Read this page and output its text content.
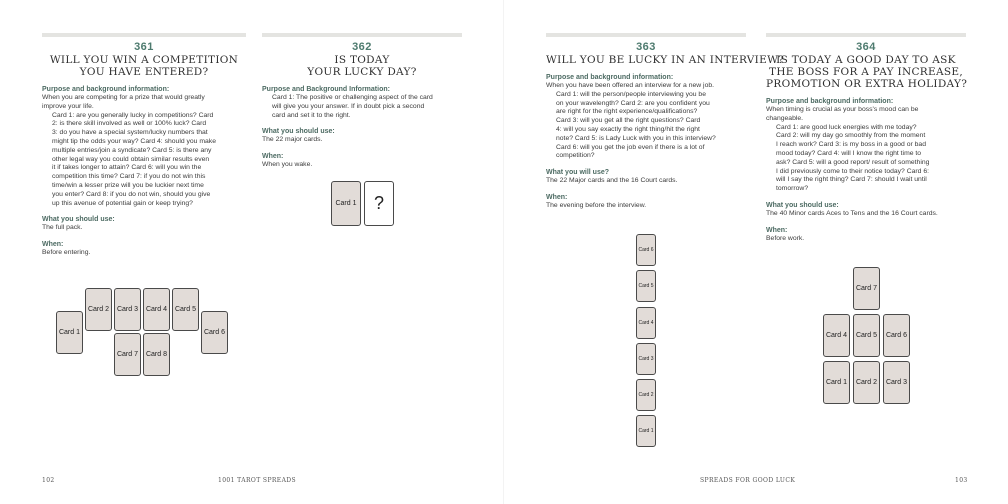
361
WILL YOU WIN A COMPETITION
YOU HAVE ENTERED?
Purpose and background information:
When you are competing for a prize that would greatly
improve your life.
Card 1: are you generally lucky in competitions? Card
2: is there skill involved as well or 100% luck? Card
3: do you have a special system/lucky numbers that
might tip the odds your way? Card 4: should you make
multiple entries/join a syndicate? Card 5: is there any
other legal way you could obtain similar results even
it if takes longer to attain? Card 6: will you win the
competition this time? Card 7: if you do not win this
time/win a lesser prize will you be luckier next time
you enter? Card 8: if you do not win, should you give
up this avenue of potential gain or keep trying?
What you should use:
The full pack.
When:
Before entering.
Card 1
Card 2	Card 3	Card 4	Card 5
Card 6
Card 7	Card 8
362
IS TODAY
YOUR LUCKY DAY?
Purpose and Background Information:
Card 1: The positive or challenging aspect of the card
will give you your answer. If in doubt pick a second
card and set it to the right.
What you should use:
The 22 major cards.
When:
When you wake.
Card 1 ?
363
WILL YOU BE LUCKY IN AN INTERVIEW?
Purpose and background information:
When you have been offered an interview for a new job.
Card 1: will the person/people interviewing you be
on your wavelength? Card 2: are you confident you
are right for the right experience/qualifications?
Card 3: will you get all the right questions? Card
4: will you say exactly the right thing/hit the right
note? Card 5: is Lady Luck with you in this interview?
Card 6: will you get the job even if there is a lot of
competition?
What you will use?
The 22 Major cards and the 16 Court cards.
When:
The evening before the interview.
Card 6
Card 5
Card 4
Card 3
Card 2
Card 1
364
IS TODAY A GOOD DAY TO ASK
THE BOSS FOR A PAY INCREASE,
PROMOTION OR EXTRA HOLIDAY?
Purpose and background information:
When timing is crucial as your boss's mood can be
changeable.
Card 1: are good luck energies with me today?
Card 2: will my day go smoothly from the moment
I reach work? Card 3: is my boss in a good or bad
mood today? Card 4: will I know the right time to
ask? Card 5: will a good report/ result of something
I did previously come to their notice today? Card 6:
will I say the right thing? Card 7: should I wait until
tomorrow?
What you should use:
The 40 Minor cards Aces to Tens and the 16 Court cards.
When:
Before work.
Card 7
Card 4	Card 5	Card 6
Card 1	Card 2	Card 3
102	1001 TAROT SPREADS	SPREADS FOR GOOD LUCK	103
